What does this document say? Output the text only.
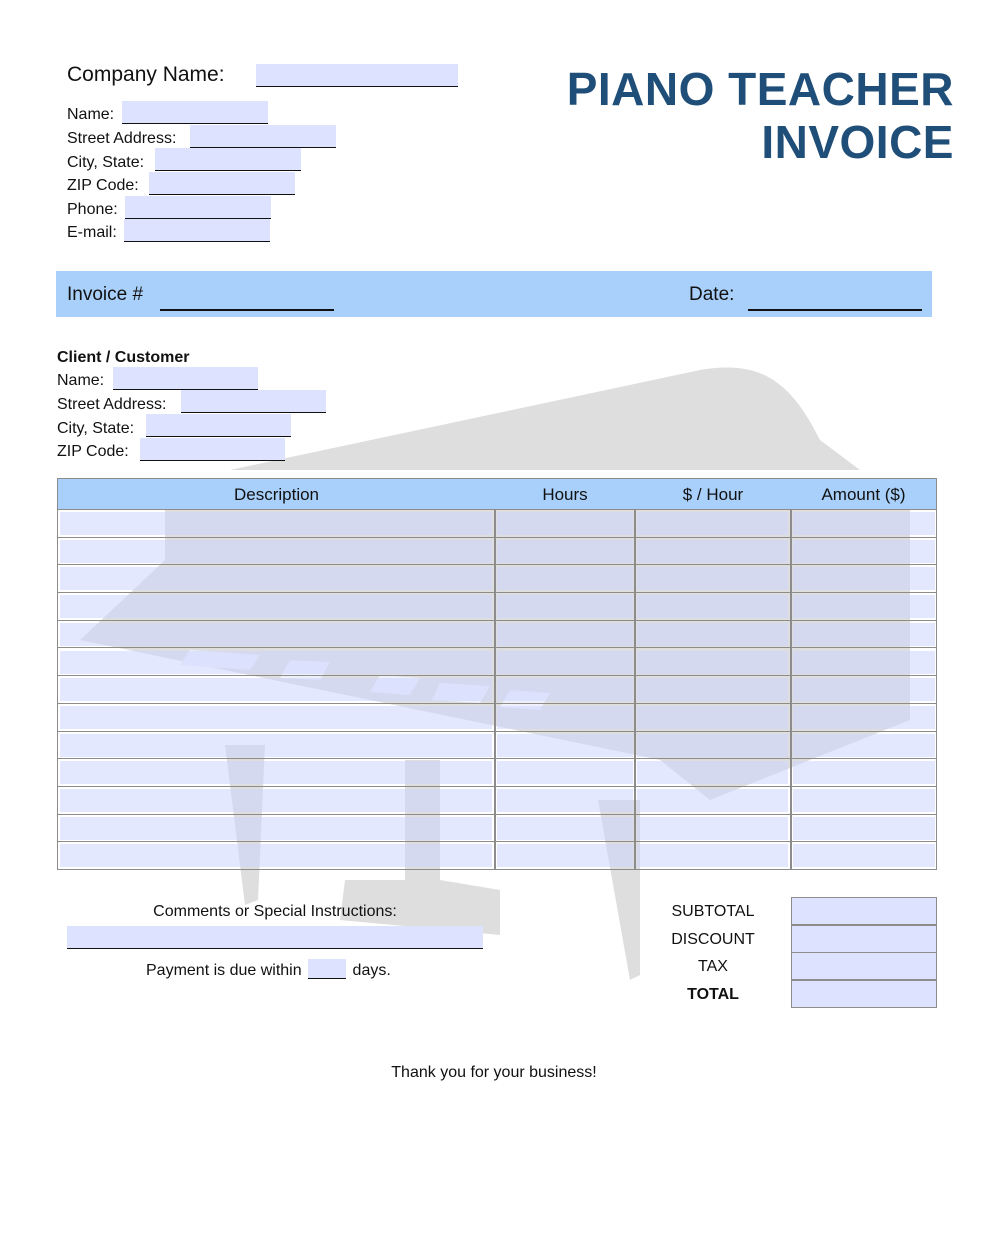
PIANO TEACHER
INVOICE
Company Name:
Name:
Street Address:
City, State:
ZIP Code:
Phone:
E-mail:
Invoice #	Date:
Client / Customer
Name:
Street Address:
City, State:
ZIP Code:
Description	Hours	$ / Hour	Amount ($)
Comments or Special Instructions:
Payment is due within	days.
SUBTOTAL
DISCOUNT
TAX
TOTAL
Thank you for your business!
